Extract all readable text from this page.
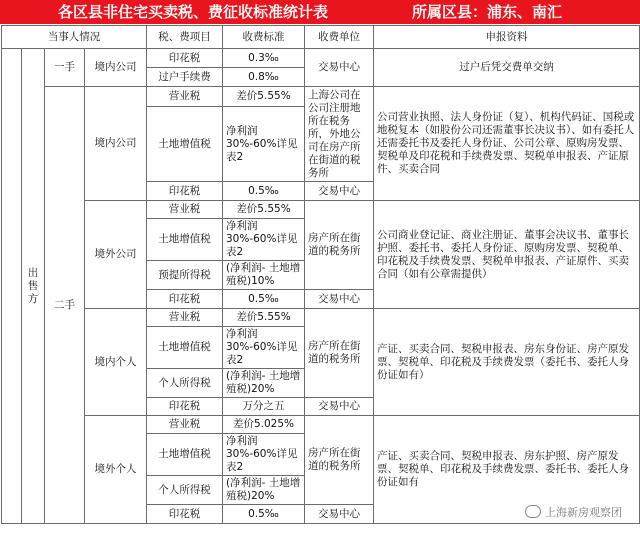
各区县非住宅买卖税、费征收标准统计表	所属区县：浦东、南汇
当事人情况				税、费项目	收费标准	收费单位	申报资料
	出售方	一手	境内公司	印花税	0.3‰	交易中心	过户后凭交费单交纳
				过户手续费	0.8‰		
		二手	境内公司	营业税	差价5.55%	上海公司在公司注册地所在税务所，外地公司在房产所在街道的税务所	公司营业执照、法人身份证（复）、机构代码证、国税或地税复本（如股份公司还需董事长决议书）、如有委托人还需委托书及委托人身份证、公司公章、原购房发票、契税单及印花税和手续费发票、契税单申报表、产证原件、买卖合同
				土地增值税	净利润30%-60%详见表2		
				印花税	0.5‰	交易中心	
			境外公司	营业税	差价5.55%	房产所在街道的税务所	公司商业登记证、商业注册证、董事会决议书、董事长护照、委托书、委托人身份证、原购房发票、契税单、印花税及手续费发票、契税单申报表、产证原件、买卖合同（如有公章需提供）
				土地增值税	净利润30%-60%详见表2		
				预提所得税	(净利润- 土地增殖税)10%		
				印花税	0.5‰	交易中心	
			境内个人	营业税	差价5.55%	房产所在街道的税务所	产证、买卖合同、契税申报表、房东身份证、房产原发票、契税单、印花税及手续费发票（委托书、委托人身份证如有）
				土地增值税	净利润30%-60%详见表2		
				个人所得税	(净利润- 土地增殖税)20%		
				印花税	万分之五	交易中心	
			境外个人	营业税	差价5.025%	房产所在街道的税务所	产证、买卖合同、契税申报表、房东护照、房产原发票、契税单、印花税及手续费发票、委托书、委托人身份证如有
				土地增值税	净利润30%-60%详见表2		
				个人所得税	(净利润- 土地增殖税)20%		
				印花税	0.5‰	交易中心		上海新房观察团
